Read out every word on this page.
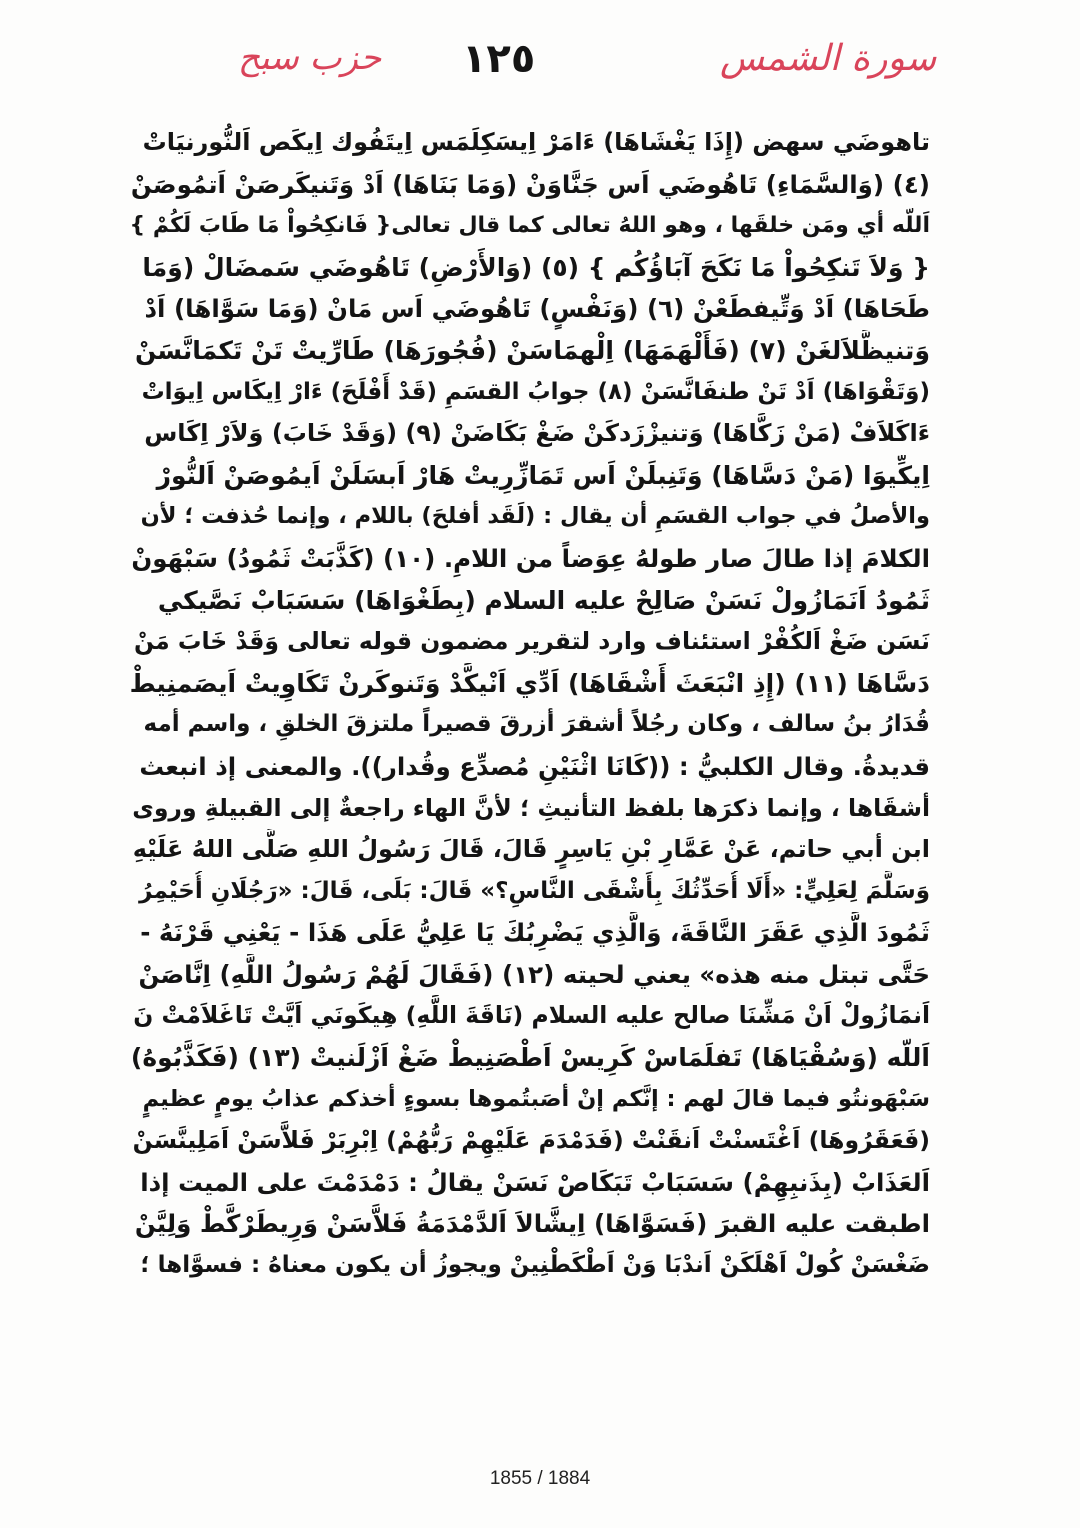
حزب سبح ١٢٥	سورة الشمس
تاهوضَي سهض (إِذَا يَغْشَاهَا) ءَامَرْ اِيسَكِلَمَس اِيتَفُوك اِيكَص اَلنُّورنيَاتْ
(٤) (وَالسَّمَاءِ) تَاهُوضَي اَس جَنَّاوَنْ (وَمَا بَنَاهَا) اَدْ وَتَنيكَرصَنْ اَتمُوصَنْ
اَللّه أي ومَن خلقَها ، وهو اللهُ تعالى كما قال تعالى{ فَانكِحُواْ مَا طَابَ لَكُمْ }
{ وَلاَ تَنكِحُواْ مَا نَكَحَ آبَاؤُكُم } (٥) (وَالأَرْضِ) تَاهُوضَي سَمضَالْ (وَمَا
طَحَاهَا) اَدْ وَتِّيفطَعْنْ (٦) (وَنَفْسٍ) تَاهُوضَي اَس مَانْ (وَمَا سَوَّاهَا) اَدْ
وَتنيظَّلاَلغَنْ (٧) (فَأَلْهَمَهَا) اِلْهمَاسَنْ (فُجُورَهَا) طَارِّيتْ تَنْ تَكمَانَّسَنْ
(وَتَقْوَاهَا) اَدْ تَنْ طنفَانَّسَنْ (٨) جوابُ القسَمِ (قَدْ أَفْلَحَ) ءَارْ اِيكَاس اِيوَاتْ
ءَاكَلاَفْ (مَنْ زَكَّاهَا) وَتنيزْزَدكَنْ ضَغْ بَكَاضَنْ (٩) (وَقَدْ خَابَ) وَلاَرْ اِكَاس
اِيكِّيوَا (مَنْ دَسَّاهَا) وَتَنِبلَنْ اَس تَمَازِّرِيتْ هَارْ اَبسَلَنْ اَيمُوصَنْ اَلنُّورْ
والأصلُ في جواب القسَمِ أن يقال : (لَقَد أفلحَ) باللام ، وإنما حُذفت ؛ لأن
الكلامَ إذا طالَ صار طولهُ عِوَضاً من اللامِ. (١٠) (كَذَّبَتْ ثَمُودُ) سَبْهَونْ
ثَمُودُ اَنَمَازُولْ نَسَنْ صَالِحْ عليه السلام (بِطَغْوَاهَا) سَسَبَابْ نَصَّيكي
نَسَن ضَغْ اَلكُفْرْ استئناف وارد لتقرير مضمون قوله تعالى وَقَدْ خَابَ مَنْ
دَسَّاهَا (١١) (إِذِ انْبَعَثَ أَشْقَاهَا) اَدِّي اَنْيكَّدْ وَتَنوكَرنْ تَكَاوِيتْ اَيصَمنِيطْ
قُدَارُ بنُ سالف ، وكان رجُلاً أشقرَ أزرقَ قصيراً ملتزقَ الخلقِ ، واسم أمه
قديدةُ. وقال الكلبيُّ : ((كَانَا اثْنَيْنِ مُصدِّع وقُدار)). والمعنى إذ انبعث
أشقَاها ، وإنما ذكرَها بلفظ التأنيثِ ؛ لأنَّ الهاء راجعةٌ إلى القبيلةِ وروى
ابن أبي حاتم، عَنْ عَمَّارِ بْنِ يَاسِرٍ قَالَ، قَالَ رَسُولُ اللهِ صَلَّى اللهُ عَلَيْهِ
وَسَلَّمَ لِعَلِيٍّ: «أَلَا أُحَدِّثُكَ بِأَشْقَى النَّاسِ؟» قَالَ: بَلَى، قَالَ: «رَجُلَانِ أُحَيْمِرُ
ثَمُودَ الَّذِي عَقَرَ النَّاقَةَ، وَالَّذِي يَضْرِبُكَ يَا عَلِيُّ عَلَى هَذَا - يَعْنِي قَرْنَهُ -
حَتَّى تبتل منه هذه» يعني لحيته (١٢) (فَقَالَ لَهُمْ رَسُولُ اللَّهِ) اِنَّاصَنْ
اَنمَازُولْ اَنْ مَشِّنَا صالح عليه السلام (نَاقَةَ اللَّهِ) هِيكَونَي اَيَّتْ تَاغَلاَمْتْ نَ
اَللّه (وَسُقْيَاهَا) تَفلَمَاسْ كَرِيسْ اَطْصَنِيطْ ضَغْ اَزْلَنيتْ (١٣) (فَكَذَّبُوهُ)
سَبْهَونتُو فيما قالَ لهم : إنَّكم إنْ أصَبتُموها بسوءٍ أخذكم عذابُ يومٍ عظيمٍ
(فَعَقَرُوهَا) اَغْتَسنْتْ اَنقَنْتْ (فَدَمْدَمَ عَلَيْهِمْ رَبُّهُمْ) اِبْرِبَرْ فَلاَّسَنْ اَمَلِينَّسَنْ
اَلعَذَابْ (بِذَنبِهِمْ) سَسَبَابْ تَبَكَاصْ نَسَنْ يقالُ : دَمْدَمْتَ على الميت إذا
اطبقت عليه القبرَ (فَسَوَّاهَا) اِيشَّالاَ اَلدَّمْدَمَةُ فَلاَّسَنْ وَرِيطَرْكَّطْ وَلِيَّنْ
ضَغْسَنْ كُولْ اَهْلَكَنْ اَندْبَا وَنْ اَطْكَطْنِينْ ويجوزُ أن يكون معناهُ : فسوَّاها ؛
1855 / 1884
